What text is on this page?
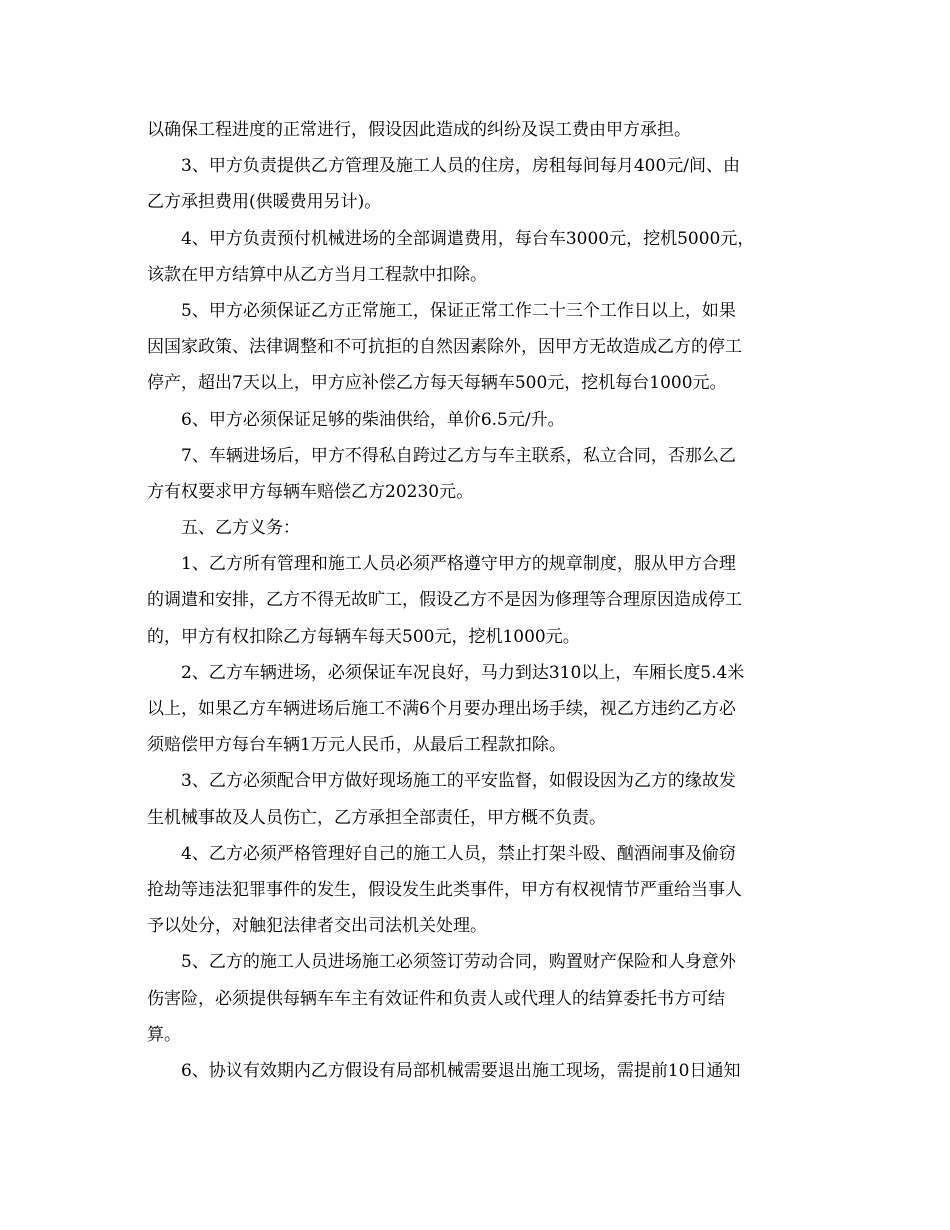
以确保工程进度的正常进行，假设因此造成的纠纷及误工费由甲方承担。
3、甲方负责提供乙方管理及施工人员的住房，房租每间每月400元/间、由
乙方承担费用(供暖费用另计)。
4、甲方负责预付机械进场的全部调遣费用，每台车3000元，挖机5000元，
该款在甲方结算中从乙方当月工程款中扣除。
5、甲方必须保证乙方正常施工，保证正常工作二十三个工作日以上，如果
因国家政策、法律调整和不可抗拒的自然因素除外，因甲方无故造成乙方的停工
停产，超出7天以上，甲方应补偿乙方每天每辆车500元，挖机每台1000元。
6、甲方必须保证足够的柴油供给，单价6.5元/升。
7、车辆进场后，甲方不得私自跨过乙方与车主联系，私立合同，否那么乙
方有权要求甲方每辆车赔偿乙方20230元。
五、乙方义务：
1、乙方所有管理和施工人员必须严格遵守甲方的规章制度，服从甲方合理
的调遣和安排，乙方不得无故旷工，假设乙方不是因为修理等合理原因造成停工
的，甲方有权扣除乙方每辆车每天500元，挖机1000元。
2、乙方车辆进场，必须保证车况良好，马力到达310以上，车厢长度5.4米
以上，如果乙方车辆进场后施工不满6个月要办理出场手续，视乙方违约乙方必
须赔偿甲方每台车辆1万元人民币，从最后工程款扣除。
3、乙方必须配合甲方做好现场施工的平安监督，如假设因为乙方的缘故发
生机械事故及人员伤亡，乙方承担全部责任，甲方概不负责。
4、乙方必须严格管理好自己的施工人员，禁止打架斗殴、酗酒闹事及偷窃
抢劫等违法犯罪事件的发生，假设发生此类事件，甲方有权视情节严重给当事人
予以处分，对触犯法律者交出司法机关处理。
5、乙方的施工人员进场施工必须签订劳动合同，购置财产保险和人身意外
伤害险，必须提供每辆车车主有效证件和负责人或代理人的结算委托书方可结
算。
6、协议有效期内乙方假设有局部机械需要退出施工现场，需提前10日通知
